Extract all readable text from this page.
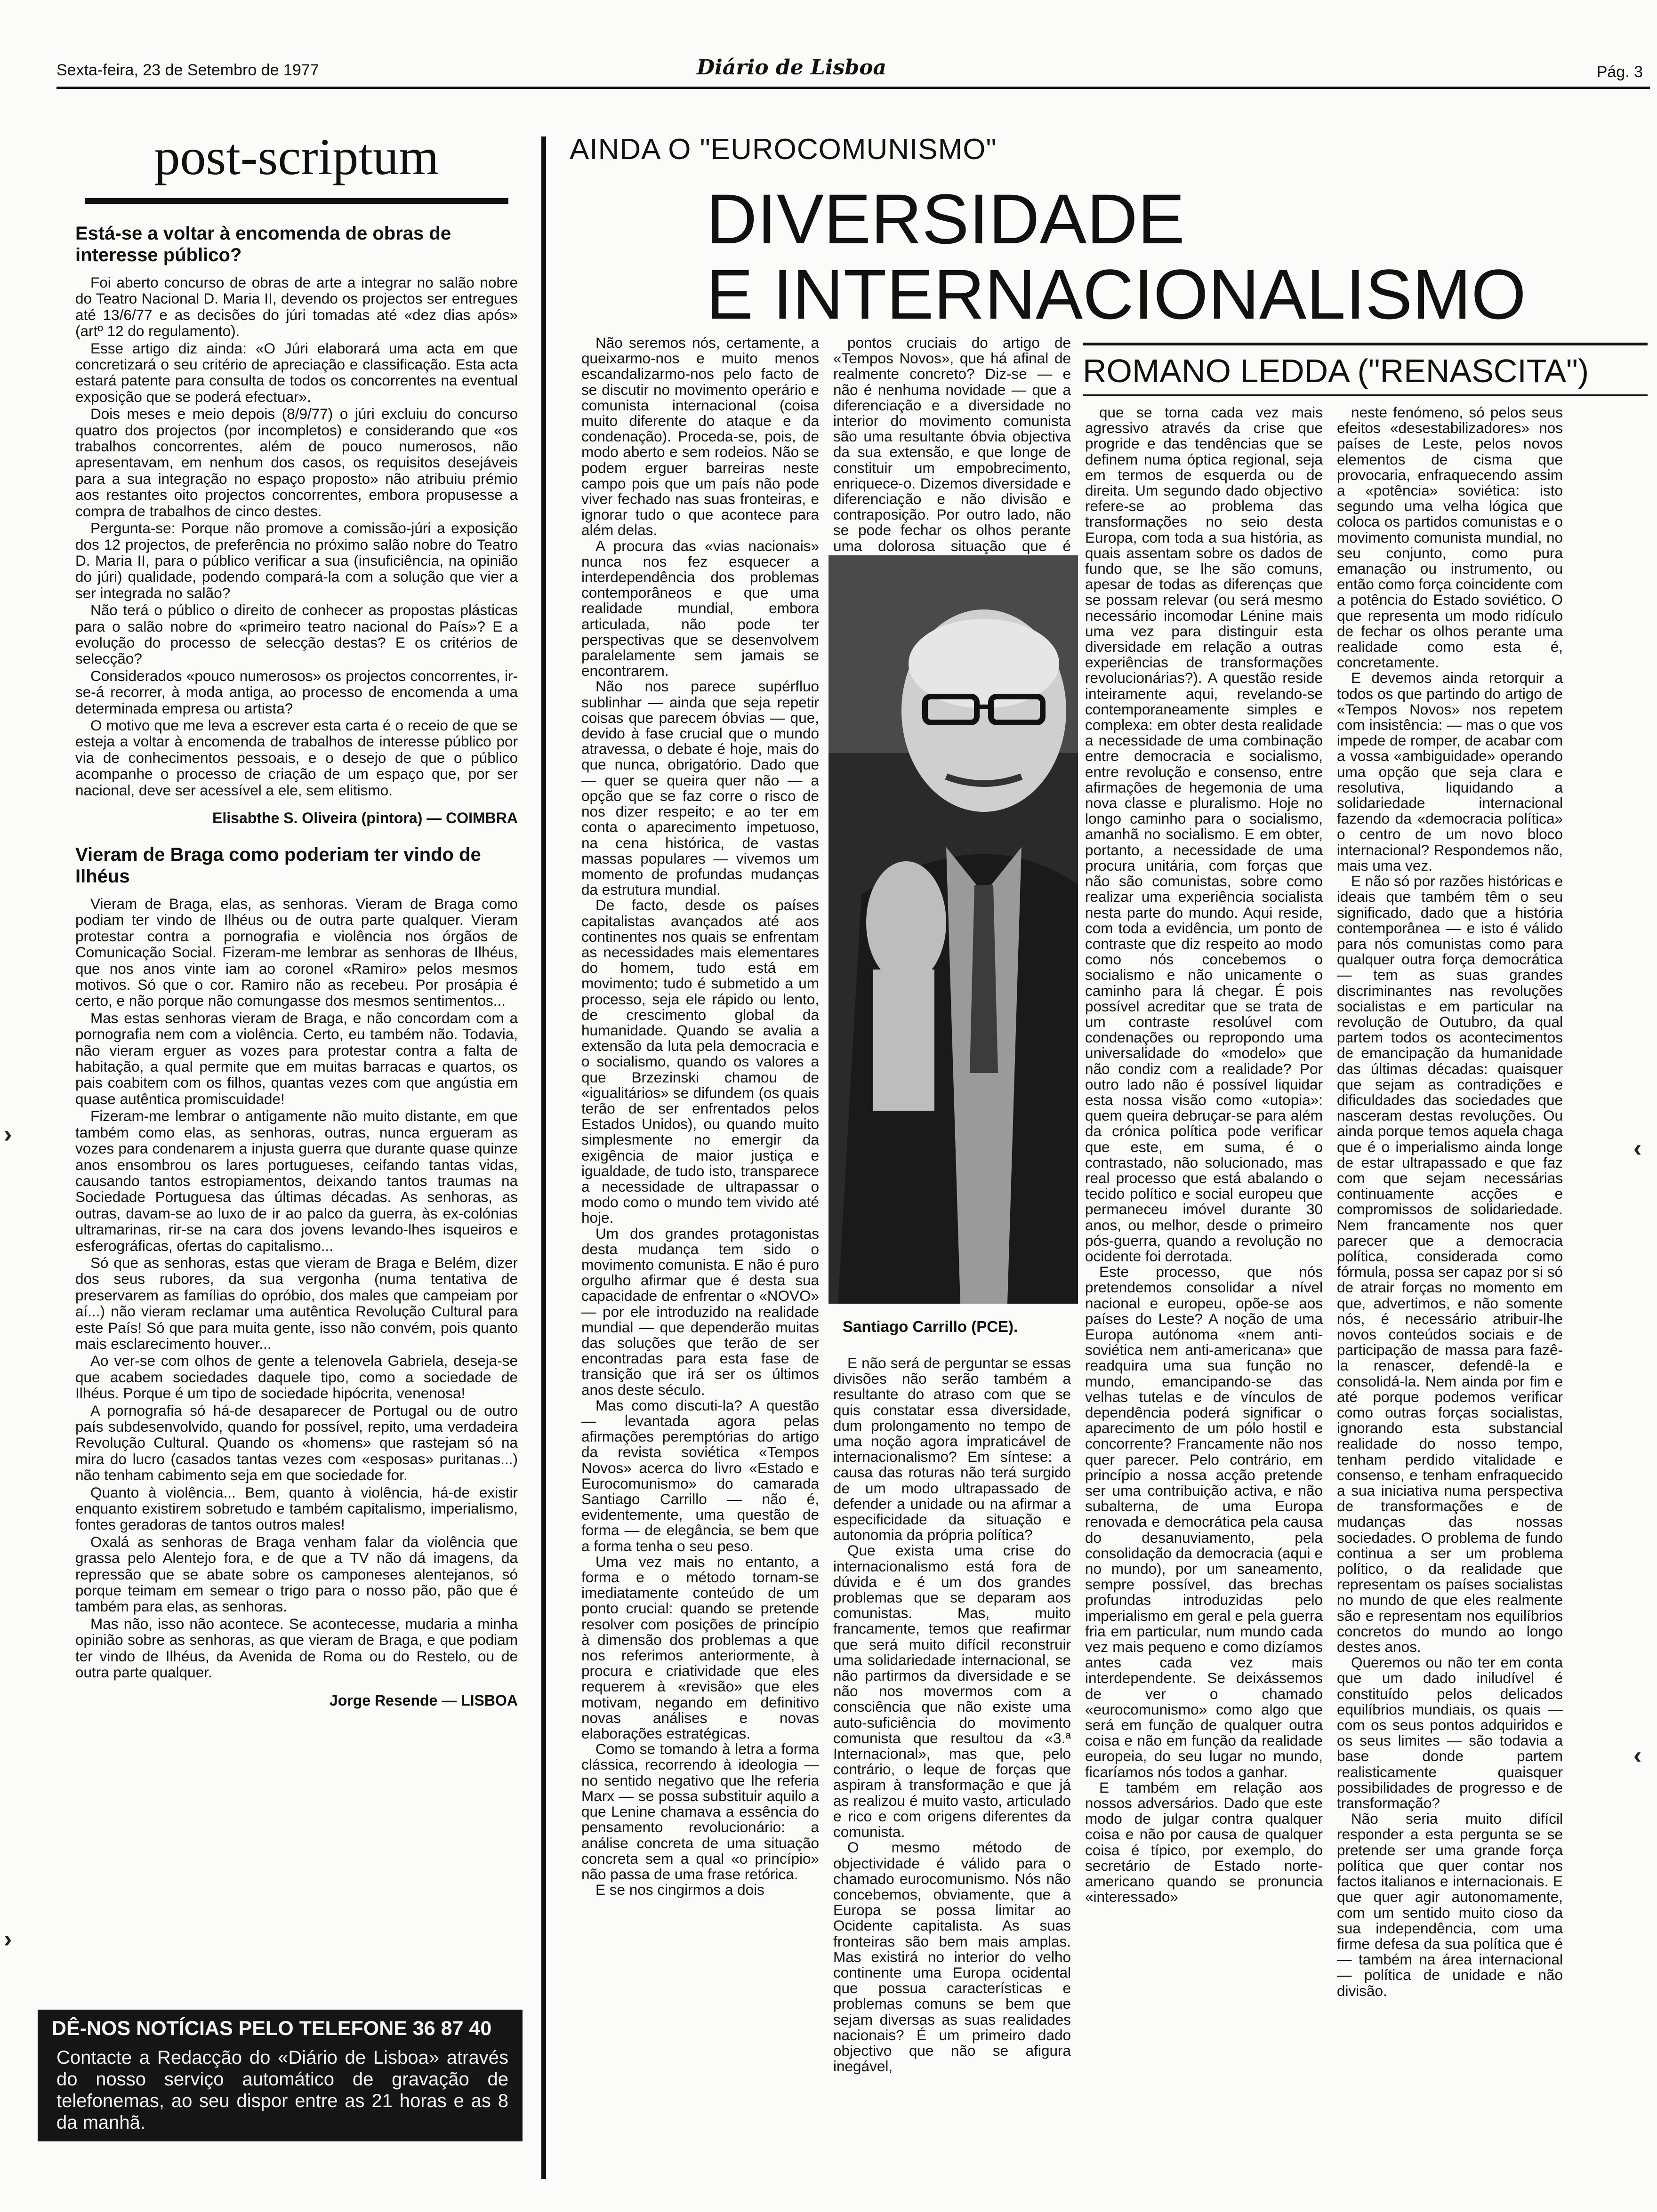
Sexta-feira, 23 de Setembro de 1977	Diário de Lisboa	Pág. 3
post-scriptum
Está-se a voltar à encomenda de obras de interesse público?

Foi aberto concurso de obras de arte a integrar no salão nobre do Teatro Nacional D. Maria II, devendo os projectos ser entregues até 13/6/77 e as decisões do júri tomadas até «dez dias após» (artº 12 do regulamento).

Esse artigo diz ainda: «O Júri elaborará uma acta em que concretizará o seu critério de apreciação e classificação. Esta acta estará patente para consulta de todos os concorrentes na eventual exposição que se poderá efectuar».

Dois meses e meio depois (8/9/77) o júri excluiu do concurso quatro dos projectos (por incompletos) e considerando que «os trabalhos concorrentes, além de pouco numerosos, não apresentavam, em nenhum dos casos, os requisitos desejáveis para a sua integração no espaço proposto» não atribuiu prémio aos restantes oito projectos concorrentes, embora propusesse a compra de trabalhos de cinco destes.

Pergunta-se: Porque não promove a comissão-júri a exposição dos 12 projectos, de preferência no próximo salão nobre do Teatro D. Maria II, para o público verificar a sua (insuficiência, na opinião do júri) qualidade, podendo compará-la com a solução que vier a ser integrada no salão?

Não terá o público o direito de conhecer as propostas plásticas para o salão nobre do «primeiro teatro nacional do País»? E a evolução do processo de selecção destas? E os critérios de selecção?

Considerados «pouco numerosos» os projectos concorrentes, ir-se-á recorrer, à moda antiga, ao processo de encomenda a uma determinada empresa ou artista?

O motivo que me leva a escrever esta carta é o receio de que se esteja a voltar à encomenda de trabalhos de interesse público por via de conhecimentos pessoais, e o desejo de que o público acompanhe o processo de criação de um espaço que, por ser nacional, deve ser acessível a ele, sem elitismo.

Elisabthe S. Oliveira (pintora) — COIMBRA
Vieram de Braga como poderiam ter vindo de Ilhéus

Vieram de Braga, elas, as senhoras. Vieram de Braga como podiam ter vindo de Ilhéus ou de outra parte qualquer. Vieram protestar contra a pornografia e violência nos órgãos de Comunicação Social. Fizeram-me lembrar as senhoras de Ilhéus, que nos anos vinte iam ao coronel «Ramiro» pelos mesmos motivos. Só que o cor. Ramiro não as recebeu. Por prosápia é certo, e não porque não comungasse dos mesmos sentimentos...

Mas estas senhoras vieram de Braga, e não concordam com a pornografia nem com a violência. Certo, eu também não. Todavia, não vieram erguer as vozes para protestar contra a falta de habitação, a qual permite que em muitas barracas e quartos, os pais coabitem com os filhos, quantas vezes com que angústia em quase autêntica promiscuidade!

Fizeram-me lembrar o antigamente não muito distante, em que também como elas, as senhoras, outras, nunca ergueram as vozes para condenarem a injusta guerra que durante quase quinze anos ensombrou os lares portugueses, ceifando tantas vidas, causando tantos estropiamentos, deixando tantos traumas na Sociedade Portuguesa das últimas décadas. As senhoras, as outras, davam-se ao luxo de ir ao palco da guerra, às ex-colónias ultramarinas, rir-se na cara dos jovens levando-lhes isqueiros e esferográficas, ofertas do capitalismo...

Só que as senhoras, estas que vieram de Braga e Belém, dizer dos seus rubores, da sua vergonha (numa tentativa de preservarem as famílias do opróbio, dos males que campeiam por aí...) não vieram reclamar uma autêntica Revolução Cultural para este País! Só que para muita gente, isso não convém, pois quanto mais esclarecimento houver...

Ao ver-se com olhos de gente a telenovela Gabriela, deseja-se que acabem sociedades daquele tipo, como a sociedade de Ilhéus. Porque é um tipo de sociedade hipócrita, venenosa!

A pornografia só há-de desaparecer de Portugal ou de outro país subdesenvolvido, quando for possível, repito, uma verdadeira Revolução Cultural. Quando os «homens» que rastejam só na mira do lucro (casados tantas vezes com «esposas» puritanas...) não tenham cabimento seja em que sociedade for.

Quanto à violência... Bem, quanto à violência, há-de existir enquanto existirem sobretudo e também capitalismo, imperialismo, fontes geradoras de tantos outros males!

Oxalá as senhoras de Braga venham falar da violência que grassa pelo Alentejo fora, e de que a TV não dá imagens, da repressão que se abate sobre os camponeses alentejanos, só porque teimam em semear o trigo para o nosso pão, pão que é também para elas, as senhoras.

Mas não, isso não acontece. Se acontecesse, mudaria a minha opinião sobre as senhoras, as que vieram de Braga, e que podiam ter vindo de Ilhéus, da Avenida de Roma ou do Restelo, ou de outra parte qualquer.

Jorge Resende — LISBOA
DÊ-NOS NOTÍCIAS PELO TELEFONE 36 87 40
Contacte a Redacção do «Diário de Lisboa» através do nosso serviço automático de gravação de telefonemas, ao seu dispor entre as 21 horas e as 8 da manhã.
AINDA O "EUROCOMUNISMO"
DIVERSIDADE
E INTERNACIONALISMO
ROMANO LEDDA ("RENASCITA")

Não seremos nós, certamente, a queixarmo-nos e muito menos escandalizarmo-nos pelo facto de se discutir no movimento operário e comunista internacional (coisa muito diferente do ataque e da condenação). Proceda-se, pois, de modo aberto e sem rodeios. Não se podem erguer barreiras neste campo pois que um país não pode viver fechado nas suas fronteiras, e ignorar tudo o que acontece para além delas.

A procura das «vias nacionais» nunca nos fez esquecer a interdependência dos problemas contemporâneos e que uma realidade mundial, embora articulada, não pode ter perspectivas que se desenvolvem paralelamente sem jamais se encontrarem.

Não nos parece supérfluo sublinhar — ainda que seja repetir coisas que parecem óbvias — que, devido à fase crucial que o mundo atravessa, o debate é hoje, mais do que nunca, obrigatório. Dado que — quer se queira quer não — a opção que se faz corre o risco de nos dizer respeito; e ao ter em conta o aparecimento impetuoso, na cena histórica, de vastas massas populares — vivemos um momento de profundas mudanças da estrutura mundial.

De facto, desde os países capitalistas avançados até aos continentes nos quais se enfrentam as necessidades mais elementares do homem, tudo está em movimento; tudo é submetido a um processo, seja ele rápido ou lento, de crescimento global da humanidade. Quando se avalia a extensão da luta pela democracia e o socialismo, quando os valores a que Brzezinski chamou de «igualitários» se difundem (os quais terão de ser enfrentados pelos Estados Unidos), ou quando muito simplesmente no emergir da exigência de maior justiça e igualdade, de tudo isto, transparece a necessidade de ultrapassar o modo como o mundo tem vivido até hoje.

Um dos grandes protagonistas desta mudança tem sido o movimento comunista. E não é puro orgulho afirmar que é desta sua capacidade de enfrentar o «NOVO» — por ele introduzido na realidade mundial — que dependerão muitas das soluções que terão de ser encontradas para esta fase de transição que irá ser os últimos anos deste século.

Mas como discuti-la? A questão — levantada agora pelas afirmações peremptórias do artigo da revista soviética «Tempos Novos» acerca do livro «Estado e Eurocomunismo» do camarada Santiago Carrillo — não é, evidentemente, uma questão de forma — de elegância, se bem que a forma tenha o seu peso.

Uma vez mais no entanto, a forma e o método tornam-se imediatamente conteúdo de um ponto crucial: quando se pretende resolver com posições de princípio à dimensão dos problemas a que nos referimos anteriormente, à procura e criatividade que eles requerem à «revisão» que eles motivam, negando em definitivo novas análises e novas elaborações estratégicas.

Como se tomando à letra a forma clássica, recorrendo à ideologia — no sentido negativo que lhe referia Marx — se possa substituir aquilo a que Lenine chamava a essência do pensamento revolucionário: a análise concreta de uma situação concreta sem a qual «o princípio» não passa de uma frase retórica.

E se nos cingirmos a dois

pontos cruciais do artigo de «Tempos Novos», que há afinal de realmente concreto? Diz-se — e não é nenhuma novidade — que a diferenciação e a diversidade no interior do movimento comunista são uma resultante óbvia objectiva da sua extensão, e que longe de constituir um empobrecimento, enriquece-o. Dizemos diversidade e diferenciação e não divisão e contraposição. Por outro lado, não se pode fechar os olhos perante uma dolorosa situação que é

Santiago Carrillo (PCE).

E não será de perguntar se essas divisões não serão também a resultante do atraso com que se quis constatar essa diversidade, dum prolongamento no tempo de uma noção agora impraticável de internacionalismo? Em síntese: a causa das roturas não terá surgido de um modo ultrapassado de defender a unidade ou na afirmar a especificidade da situação e autonomia da própria política?

Que exista uma crise do internacionalismo está fora de dúvida e é um dos grandes problemas que se deparam aos comunistas. Mas, muito francamente, temos que reafirmar que será muito difícil reconstruir uma solidariedade internacional, se não partirmos da diversidade e se não nos movermos com a consciência que não existe uma auto-suficiência do movimento comunista que resultou da «3.ª Internacional», mas que, pelo contrário, o leque de forças que aspiram à transformação e que já as realizou é muito vasto, articulado e rico e com origens diferentes da comunista.

O mesmo método de objectividade é válido para o chamado eurocomunismo. Nós não concebemos, obviamente, que a Europa se possa limitar ao Ocidente capitalista. As suas fronteiras são bem mais amplas. Mas existirá no interior do velho continente uma Europa ocidental que possua características e problemas comuns se bem que sejam diversas as suas realidades nacionais? É um primeiro dado objectivo que não se afigura inegável,

que se torna cada vez mais agressivo através da crise que progride e das tendências que se definem numa óptica regional, seja em termos de esquerda ou de direita. Um segundo dado objectivo refere-se ao problema das transformações no seio desta Europa, com toda a sua história, as quais assentam sobre os dados de fundo que, se lhe são comuns, apesar de todas as diferenças que se possam relevar (ou será mesmo necessário incomodar Lénine mais uma vez para distinguir esta diversidade em relação a outras experiências de transformações revolucionárias?). A questão reside inteiramente aqui, revelando-se contemporaneamente simples e complexa: em obter desta realidade a necessidade de uma combinação entre democracia e socialismo, entre revolução e consenso, entre afirmações de hegemonia de uma nova classe e pluralismo. Hoje no longo caminho para o socialismo, amanhã no socialismo. E em obter, portanto, a necessidade de uma procura unitária, com forças que não são comunistas, sobre como realizar uma experiência socialista nesta parte do mundo. Aqui reside, com toda a evidência, um ponto de contraste que diz respeito ao modo como nós concebemos o socialismo e não unicamente o caminho para lá chegar. É pois possível acreditar que se trata de um contraste resolúvel com condenações ou repropondo uma universalidade do «modelo» que não condiz com a realidade? Por outro lado não é possível liquidar esta nossa visão como «utopia»: quem queira debruçar-se para além da crónica política pode verificar que este, em suma, é o contrastado, não solucionado, mas real processo que está abalando o tecido político e social europeu que permaneceu imóvel durante 30 anos, ou melhor, desde o primeiro pós-guerra, quando a revolução no ocidente foi derrotada.

Este processo, que nós pretendemos consolidar a nível nacional e europeu, opõe-se aos países do Leste? A noção de uma Europa autónoma «nem anti-soviética nem anti-americana» que readquira uma sua função no mundo, emancipando-se das velhas tutelas e de vínculos de dependência poderá significar o aparecimento de um pólo hostil e concorrente? Francamente não nos quer parecer. Pelo contrário, em princípio a nossa acção pretende ser uma contribuição activa, e não subalterna, de uma Europa renovada e democrática pela causa do desanuviamento, pela consolidação da democracia (aqui e no mundo), por um saneamento, sempre possível, das brechas profundas introduzidas pelo imperialismo em geral e pela guerra fria em particular, num mundo cada vez mais pequeno e como dizíamos antes cada vez mais interdependente. Se deixássemos de ver o chamado «eurocomunismo» como algo que será em função de qualquer outra coisa e não em função da realidade europeia, do seu lugar no mundo, ficaríamos nós todos a ganhar.

E também em relação aos nossos adversários. Dado que este modo de julgar contra qualquer coisa e não por causa de qualquer coisa é típico, por exemplo, do secretário de Estado norte-americano quando se pronuncia «interessado»

neste fenómeno, só pelos seus efeitos «desestabilizadores» nos países de Leste, pelos novos elementos de cisma que provocaria, enfraquecendo assim a «potência» soviética: isto segundo uma velha lógica que coloca os partidos comunistas e o movimento comunista mundial, no seu conjunto, como pura emanação ou instrumento, ou então como força coincidente com a potência do Estado soviético. O que representa um modo ridículo de fechar os olhos perante uma realidade como esta é, concretamente.

E devemos ainda retorquir a todos os que partindo do artigo de «Tempos Novos» nos repetem com insistência: — mas o que vos impede de romper, de acabar com a vossa «ambiguidade» operando uma opção que seja clara e resolutiva, liquidando a solidariedade internacional fazendo da «democracia política» o centro de um novo bloco internacional? Respondemos não, mais uma vez.

E não só por razões históricas e ideais que também têm o seu significado, dado que a história contemporânea — e isto é válido para nós comunistas como para qualquer outra força democrática — tem as suas grandes discriminantes nas revoluções socialistas e em particular na revolução de Outubro, da qual partem todos os acontecimentos de emancipação da humanidade das últimas décadas: quaisquer que sejam as contradições e dificuldades das sociedades que nasceram destas revoluções. Ou ainda porque temos aquela chaga que é o imperialismo ainda longe de estar ultrapassado e que faz com que sejam necessárias continuamente acções e compromissos de solidariedade. Nem francamente nos quer parecer que a democracia política, considerada como fórmula, possa ser capaz por si só de atrair forças no momento em que, advertimos, e não somente nós, é necessário atribuir-lhe novos conteúdos sociais e de participação de massa para fazê-la renascer, defendê-la e consolidá-la. Nem ainda por fim e até porque podemos verificar como outras forças socialistas, ignorando esta substancial realidade do nosso tempo, tenham perdido vitalidade e consenso, e tenham enfraquecido a sua iniciativa numa perspectiva de transformações e de mudanças das nossas sociedades. O problema de fundo continua a ser um problema político, o da realidade que representam os países socialistas no mundo de que eles realmente são e representam nos equilíbrios concretos do mundo ao longo destes anos.

Queremos ou não ter em conta que um dado iniludível é constituído pelos delicados equilíbrios mundiais, os quais — com os seus pontos adquiridos e os seus limites — são todavia a base donde partem realisticamente quaisquer possibilidades de progresso e de transformação?

Não seria muito difícil responder a esta pergunta se se pretende ser uma grande força política que quer contar nos factos italianos e internacionais. E que quer agir autonomamente, com um sentido muito cioso da sua independência, com uma firme defesa da sua política que é — também na área internacional — política de unidade e não divisão.

›
›
‹
‹
